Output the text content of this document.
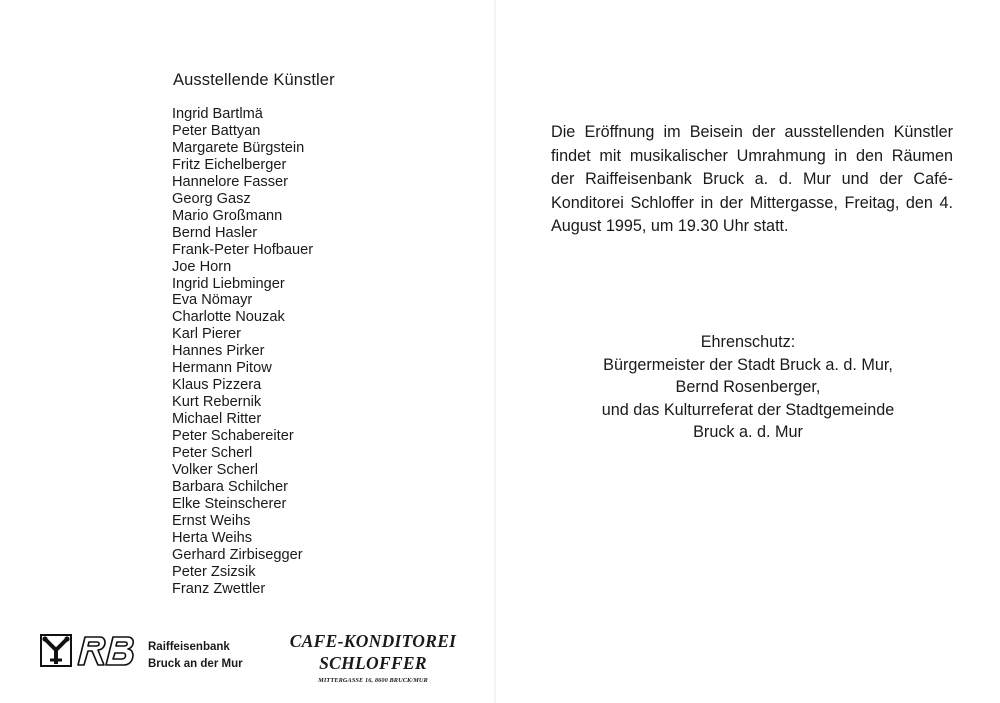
Ausstellende Künstler
Ingrid Bartlmä
Peter Battyan
Margarete Bürgstein
Fritz Eichelberger
Hannelore Fasser
Georg Gasz
Mario Großmann
Bernd Hasler
Frank-Peter Hofbauer
Joe Horn
Ingrid Liebminger
Eva Nömayr
Charlotte Nouzak
Karl Pierer
Hannes Pirker
Hermann Pitow
Klaus Pizzera
Kurt Rebernik
Michael Ritter
Peter Schabereiter
Peter Scherl
Volker Scherl
Barbara Schilcher
Elke Steinscherer
Ernst Weihs
Herta Weihs
Gerhard Zirbisegger
Peter Zsizsik
Franz Zwettler
Raiffeisenbank
Bruck an der Mur
CAFE-KONDITOREI
SCHLOFFER
MITTERGASSE 16, 8600 BRUCK/MUR

Die Eröffnung im Beisein der ausstellenden Künstler findet mit musikalischer Umrahmung in den Räumen der Raiffeisenbank Bruck a. d. Mur und der Café-Konditorei Schloffer in der Mittergasse, Freitag, den 4. August 1995, um 19.30 Uhr statt.

Ehrenschutz:
Bürgermeister der Stadt Bruck a. d. Mur,
Bernd Rosenberger,
und das Kulturreferat der Stadtgemeinde
Bruck a. d. Mur
